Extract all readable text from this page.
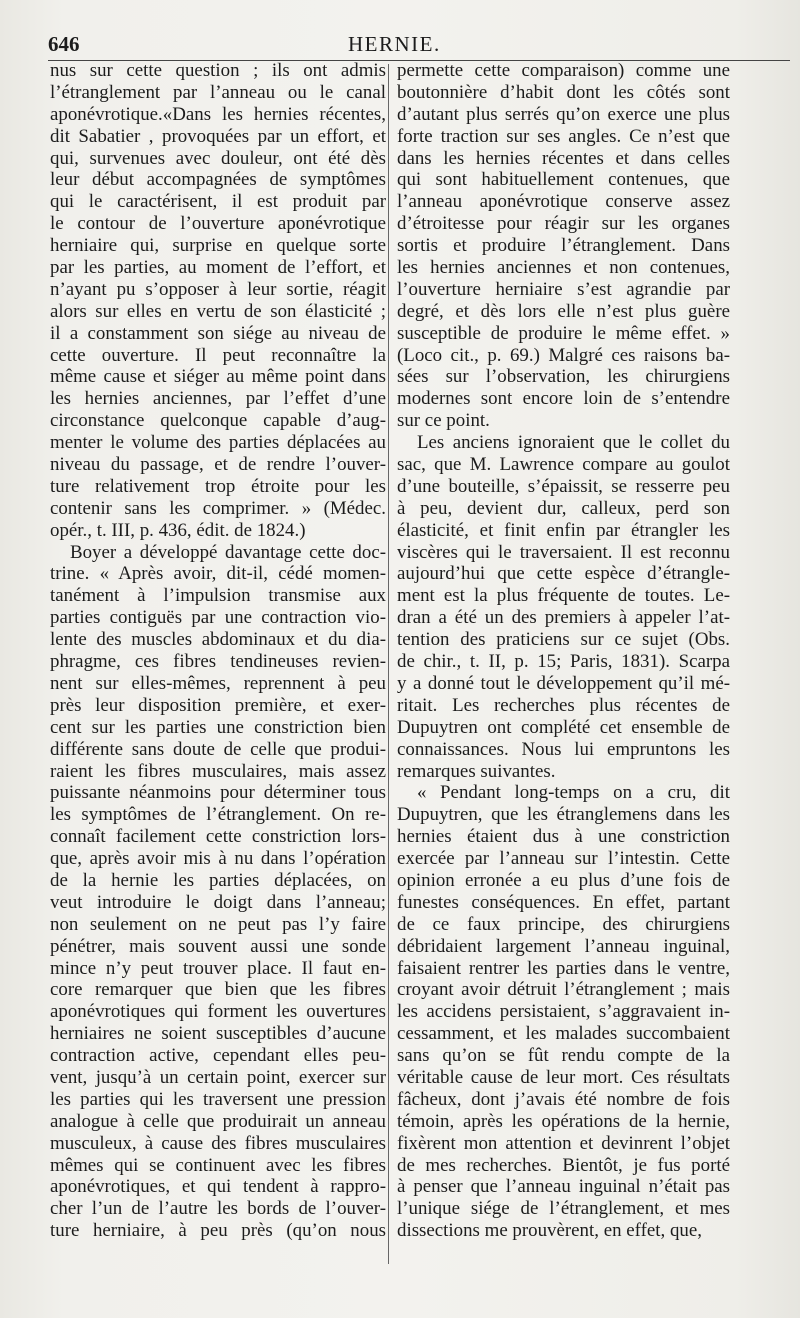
646	HERNIE.
nus sur cette question ; ils ont admis
l’étranglement par l’anneau ou le canal
aponévrotique.«Dans les hernies récentes,
dit Sabatier , provoquées par un effort, et
qui, survenues avec douleur, ont été dès
leur début accompagnées de symptômes
qui le caractérisent, il est produit par
le contour de l’ouverture aponévrotique
herniaire qui, surprise en quelque sorte
par les parties, au moment de l’effort, et
n’ayant pu s’opposer à leur sortie, réagit
alors sur elles en vertu de son élasticité ;
il a constamment son siége au niveau de
cette ouverture. Il peut reconnaître la
même cause et siéger au même point dans
les hernies anciennes, par l’effet d’une
circonstance quelconque capable d’aug-
menter le volume des parties déplacées au
niveau du passage, et de rendre l’ouver-
ture relativement trop étroite pour les
contenir sans les comprimer. » (Médec.
opér., t. III, p. 436, édit. de 1824.)
Boyer a développé davantage cette doc-
trine. « Après avoir, dit-il, cédé momen-
tanément à l’impulsion transmise aux
parties contiguës par une contraction vio-
lente des muscles abdominaux et du dia-
phragme, ces fibres tendineuses revien-
nent sur elles-mêmes, reprennent à peu
près leur disposition première, et exer-
cent sur les parties une constriction bien
différente sans doute de celle que produi-
raient les fibres musculaires, mais assez
puissante néanmoins pour déterminer tous
les symptômes de l’étranglement. On re-
connaît facilement cette constriction lors-
que, après avoir mis à nu dans l’opération
de la hernie les parties déplacées, on
veut introduire le doigt dans l’anneau;
non seulement on ne peut pas l’y faire
pénétrer, mais souvent aussi une sonde
mince n’y peut trouver place. Il faut en-
core remarquer que bien que les fibres
aponévrotiques qui forment les ouvertures
herniaires ne soient susceptibles d’aucune
contraction active, cependant elles peu-
vent, jusqu’à un certain point, exercer sur
les parties qui les traversent une pression
analogue à celle que produirait un anneau
musculeux, à cause des fibres musculaires
mêmes qui se continuent avec les fibres
aponévrotiques, et qui tendent à rappro-
cher l’un de l’autre les bords de l’ouver-
ture herniaire, à peu près (qu’on nous
permette cette comparaison) comme une
boutonnière d’habit dont les côtés sont
d’autant plus serrés qu’on exerce une plus
forte traction sur ses angles. Ce n’est que
dans les hernies récentes et dans celles
qui sont habituellement contenues, que
l’anneau aponévrotique conserve assez
d’étroitesse pour réagir sur les organes
sortis et produire l’étranglement. Dans
les hernies anciennes et non contenues,
l’ouverture herniaire s’est agrandie par
degré, et dès lors elle n’est plus guère
susceptible de produire le même effet. »
(Loco cit., p. 69.) Malgré ces raisons ba-
sées sur l’observation, les chirurgiens
modernes sont encore loin de s’entendre
sur ce point.
Les anciens ignoraient que le collet du
sac, que M. Lawrence compare au goulot
d’une bouteille, s’épaissit, se resserre peu
à peu, devient dur, calleux, perd son
élasticité, et finit enfin par étrangler les
viscères qui le traversaient. Il est reconnu
aujourd’hui que cette espèce d’étrangle-
ment est la plus fréquente de toutes. Le-
dran a été un des premiers à appeler l’at-
tention des praticiens sur ce sujet (Obs.
de chir., t. II, p. 15; Paris, 1831). Scarpa
y a donné tout le développement qu’il mé-
ritait. Les recherches plus récentes de
Dupuytren ont complété cet ensemble de
connaissances. Nous lui empruntons les
remarques suivantes.
« Pendant long-temps on a cru, dit
Dupuytren, que les étranglemens dans les
hernies étaient dus à une constriction
exercée par l’anneau sur l’intestin. Cette
opinion erronée a eu plus d’une fois de
funestes conséquences. En effet, partant
de ce faux principe, des chirurgiens
débridaient largement l’anneau inguinal,
faisaient rentrer les parties dans le ventre,
croyant avoir détruit l’étranglement ; mais
les accidens persistaient, s’aggravaient in-
cessamment, et les malades succombaient
sans qu’on se fût rendu compte de la
véritable cause de leur mort. Ces résultats
fâcheux, dont j’avais été nombre de fois
témoin, après les opérations de la hernie,
fixèrent mon attention et devinrent l’objet
de mes recherches. Bientôt, je fus porté
à penser que l’anneau inguinal n’était pas
l’unique siége de l’étranglement, et mes
dissections me prouvèrent, en effet, que,
